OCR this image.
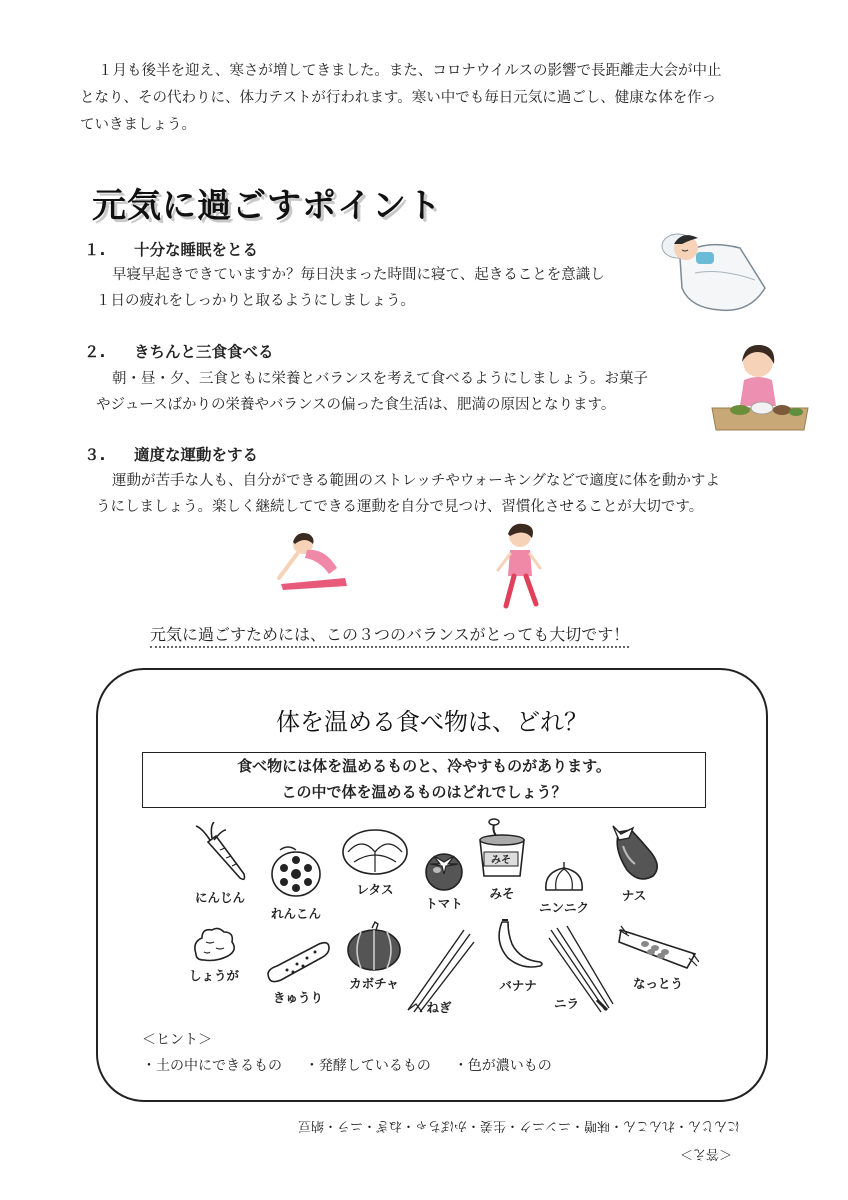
１月も後半を迎え、寒さが増してきました。また、コロナウイルスの影響で長距離走大会が中止

となり、その代わりに、体力テストが行われます。寒い中でも毎日元気に過ごし、健康な体を作っ

ていきましょう。

元気に過ごすポイント
１. 十分な睡眠をとる
早寝早起きできていますか？毎日決まった時間に寝て、起きることを意識し
１日の疲れをしっかりと取るようにしましょう。
２. きちんと三食食べる
朝・昼・夕、三食ともに栄養とバランスを考えて食べるようにしましょう。お菓子
やジュースばかりの栄養やバランスの偏った食生活は、肥満の原因となります。
３. 適度な運動をする
運動が苦手な人も、自分ができる範囲のストレッチやウォーキングなどで適度に体を動かすよ
うにしましょう。楽しく継続してできる運動を自分で見つけ、習慣化させることが大切です。
元気に過ごすためには、この３つのバランスがとっても大切です！
体を温める食べ物は、どれ？
食べ物には体を温めるものと、冷やすものがあります。
この中で体を温めるものはどれでしょう？
にんじん
れんこん
レタス
トマト
みそ
みそ
ニンニク
ナス
しょうが
きゅうり
カボチャ
ねぎ
バナナ
ニラ
なっとう
＜ヒント＞
・土の中にできるもの ・発酵しているもの ・色が濃いもの
にんじん・れんこん・味噌・ニンニク・生姜・かぼちゃ・ねぎ・ニラ・納豆
＜答え＞
